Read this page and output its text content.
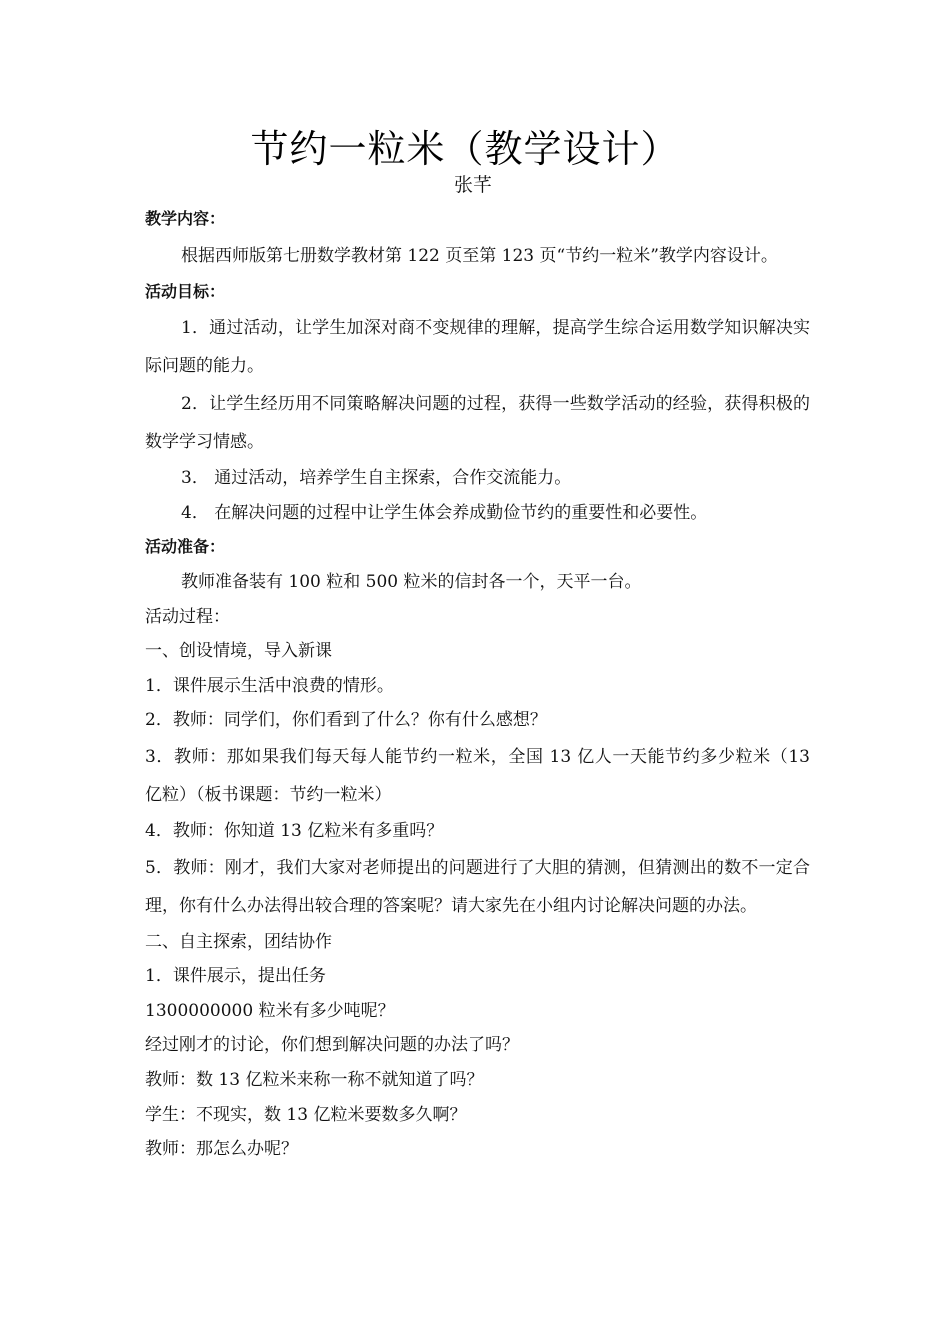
节约一粒米（教学设计）
张芊
教学内容：

根据西师版第七册数学教材第 122 页至第 123 页“节约一粒米”教学内容设计。

活动目标：

1．通过活动，让学生加深对商不变规律的理解，提高学生综合运用数学知识解决实际问题的能力。

2．让学生经历用不同策略解决问题的过程，获得一些数学活动的经验，获得积极的数学学习情感。

3． 通过活动，培养学生自主探索，合作交流能力。
4． 在解决问题的过程中让学生体会养成勤俭节约的重要性和必要性。
活动准备：
教师准备装有 100 粒和 500 粒米的信封各一个，天平一台。
活动过程：
一、创设情境，导入新课
1．课件展示生活中浪费的情形。
2．教师：同学们，你们看到了什么？你有什么感想？

3．教师：那如果我们每天每人能节约一粒米，全国 13 亿人一天能节约多少粒米（13 亿粒）（板书课题：节约一粒米）

4．教师：你知道 13 亿粒米有多重吗？

5．教师：刚才，我们大家对老师提出的问题进行了大胆的猜测，但猜测出的数不一定合理，你有什么办法得出较合理的答案呢？请大家先在小组内讨论解决问题的办法。

二、自主探索，团结协作
1．课件展示，提出任务
1300000000 粒米有多少吨呢？
经过刚才的讨论，你们想到解决问题的办法了吗？
教师：数 13 亿粒米来称一称不就知道了吗？
学生：不现实，数 13 亿粒米要数多久啊？
教师：那怎么办呢？
